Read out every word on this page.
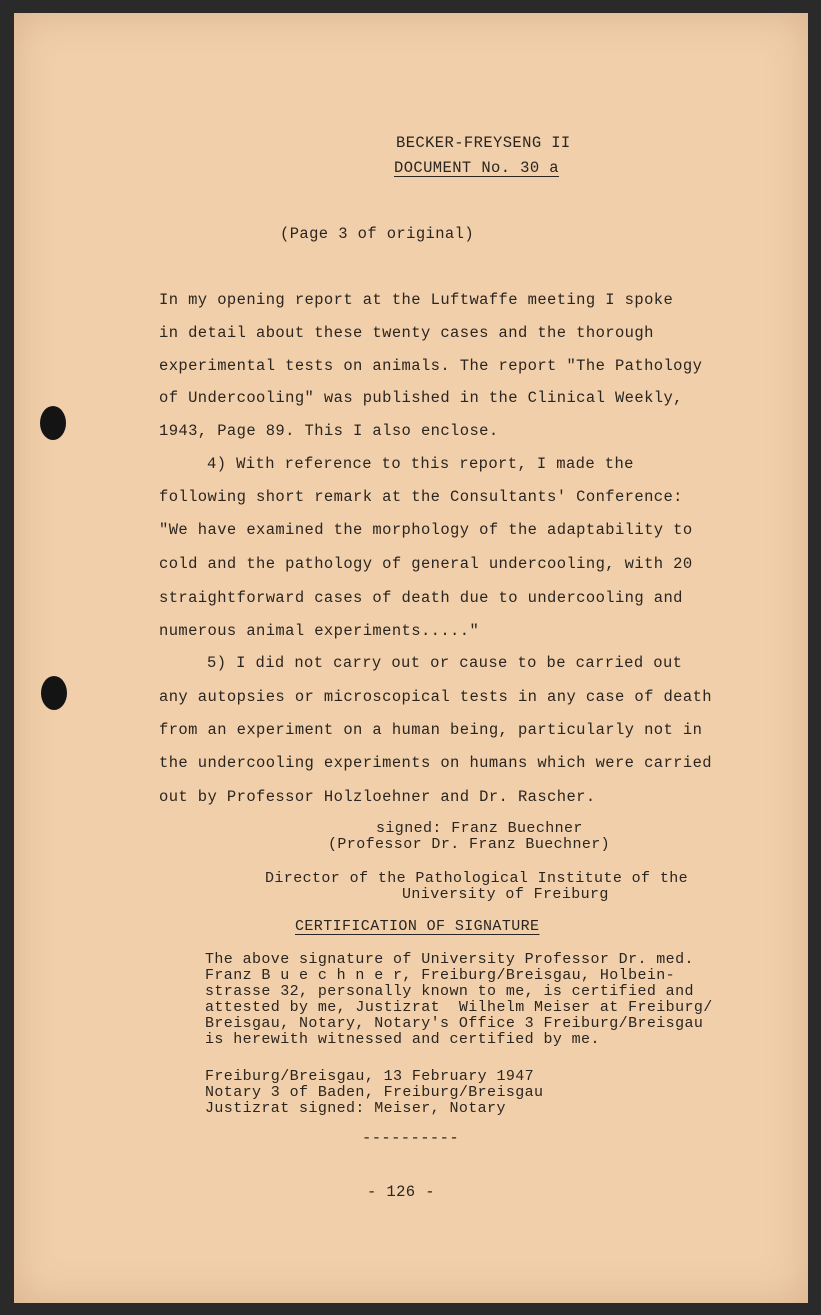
BECKER-FREYSENG II
DOCUMENT No. 30 a
(Page 3 of original)
In my opening report at the Luftwaffe meeting I spoke
in detail about these twenty cases and the thorough
experimental tests on animals. The report "The Pathology
of Undercooling" was published in the Clinical Weekly,
1943, Page 89. This I also enclose.
4) With reference to this report, I made the
following short remark at the Consultants' Conference:
"We have examined the morphology of the adaptability to
cold and the pathology of general undercooling, with 20
straightforward cases of death due to undercooling and
numerous animal experiments....."
5) I did not carry out or cause to be carried out
any autopsies or microscopical tests in any case of death
from an experiment on a human being, particularly not in
the undercooling experiments on humans which were carried
out by Professor Holzloehner and Dr. Rascher.
signed: Franz Buechner
(Professor Dr. Franz Buechner)
Director of the Pathological Institute of the
University of Freiburg
CERTIFICATION OF SIGNATURE
The above signature of University Professor Dr. med.
Franz B u e c h n e r, Freiburg/Breisgau, Holbein-
strasse 32, personally known to me, is certified and
attested by me, Justizrat  Wilhelm Meiser at Freiburg/
Breisgau, Notary, Notary's Office 3 Freiburg/Breisgau
is herewith witnessed and certified by me.
Freiburg/Breisgau, 13 February 1947
Notary 3 of Baden, Freiburg/Breisgau
Justizrat signed: Meiser, Notary
----------
- 126 -
